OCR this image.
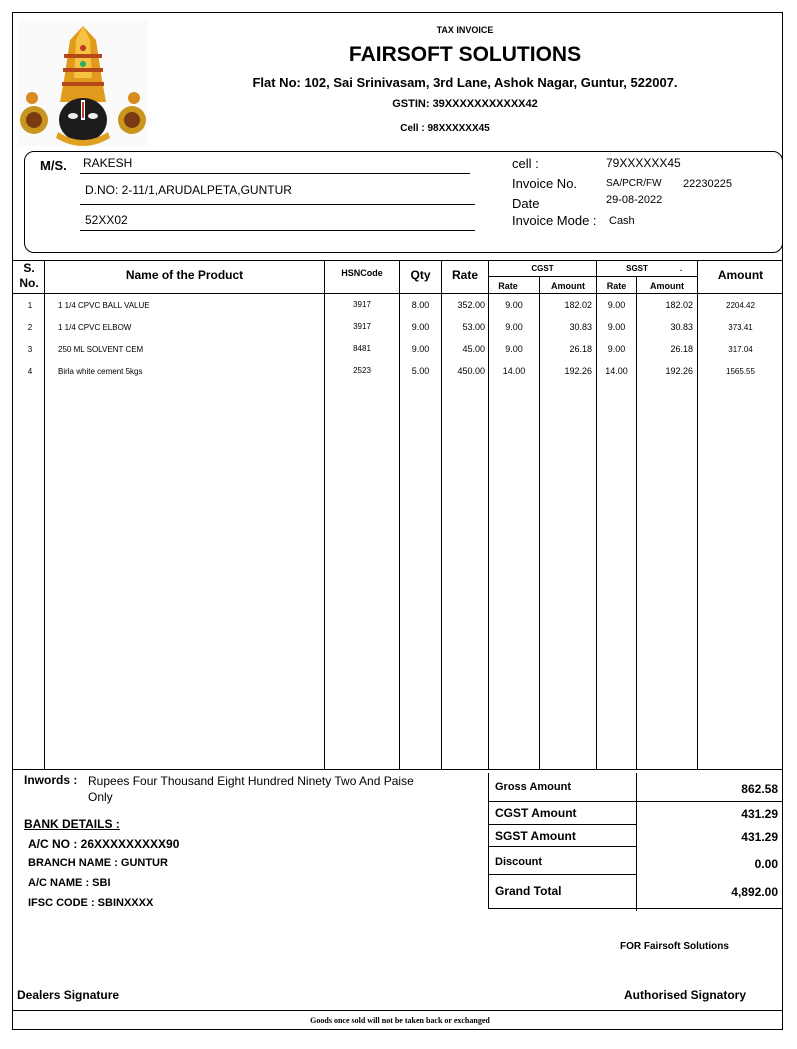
TAX INVOICE
FAIRSOFT SOLUTIONS
Flat No: 102, Sai Srinivasam, 3rd Lane, Ashok Nagar, Guntur, 522007.
GSTIN: 39XXXXXXXXXXX42
Cell : 98XXXXXX45
M/S. RAKESH
D.NO: 2-11/1,ARUDALPETA,GUNTUR
52XX02
cell :	79XXXXXX45
Invoice No.	SA/PCR/FW 22230225
Date	29-08-2022
Invoice Mode : Cash
S.
No.
Name of the Product	HSNCode	Qty	Rate	CGST	SGST	.
Rate	Amount	Rate	Amount
Amount
1	1 1/4 CPVC BALL VALUE	3917	8.00	352.00	9.00	182.02	9.00	182.02	2204.42
2	1 1/4 CPVC ELBOW	3917	9.00	53.00	9.00	30.83	9.00	30.83	373.41
3	250 ML SOLVENT CEM	8481	9.00	45.00	9.00	26.18	9.00	26.18	317.04
4	Birla white cement 5kgs	2523	5.00	450.00	14.00	192.26	14.00	192.26	1565.55
Inwords : Rupees Four Thousand Eight Hundred Ninety Two And Paise
Only
BANK DETAILS :
A/C NO : 26XXXXXXXXX90
BRANCH NAME : GUNTUR
A/C NAME : SBI
IFSC CODE : SBINXXXX
Gross Amount	862.58
CGST Amount	431.29
SGST Amount	431.29
Discount	0.00
Grand Total	4,892.00
FOR Fairsoft Solutions
Dealers Signature	Authorised Signatory
Goods once sold will not be taken back or exchanged
